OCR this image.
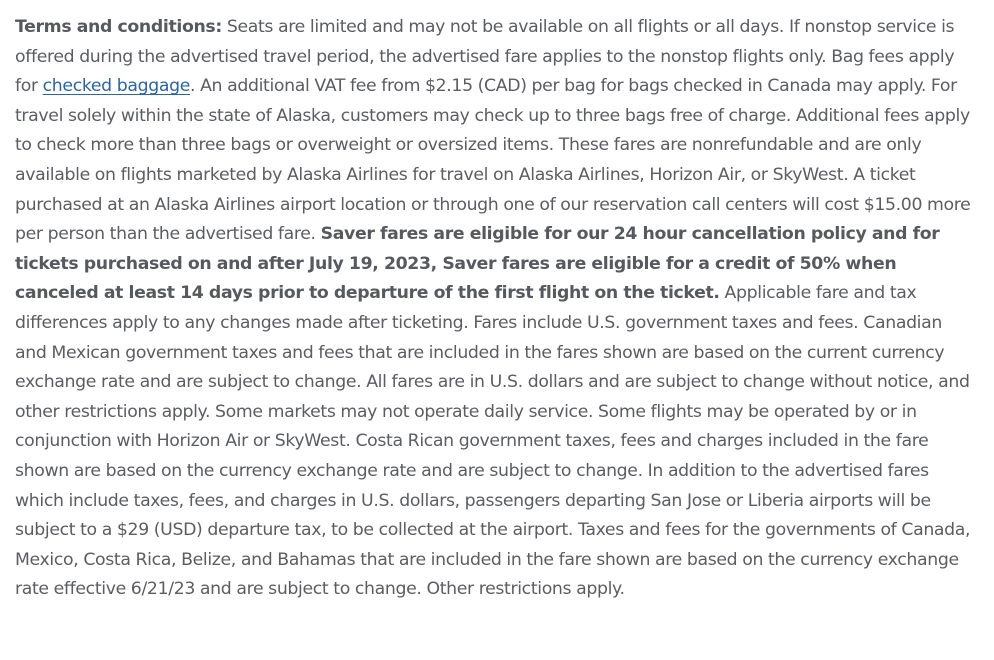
Terms and conditions: Seats are limited and may not be available on all flights or all days. If nonstop service is offered during the advertised travel period, the advertised fare applies to the nonstop flights only. Bag fees apply for checked baggage. An additional VAT fee from $2.15 (CAD) per bag for bags checked in Canada may apply. For travel solely within the state of Alaska, customers may check up to three bags free of charge. Additional fees apply to check more than three bags or overweight or oversized items. These fares are nonrefundable and are only available on flights marketed by Alaska Airlines for travel on Alaska Airlines, Horizon Air, or SkyWest. A ticket purchased at an Alaska Airlines airport location or through one of our reservation call centers will cost $15.00 more per person than the advertised fare. Saver fares are eligible for our 24 hour cancellation policy and for tickets purchased on and after July 19, 2023, Saver fares are eligible for a credit of 50% when canceled at least 14 days prior to departure of the first flight on the ticket. Applicable fare and tax differences apply to any changes made after ticketing. Fares include U.S. government taxes and fees. Canadian and Mexican government taxes and fees that are included in the fares shown are based on the current currency exchange rate and are subject to change. All fares are in U.S. dollars and are subject to change without notice, and other restrictions apply. Some markets may not operate daily service. Some flights may be operated by or in conjunction with Horizon Air or SkyWest. Costa Rican government taxes, fees and charges included in the fare shown are based on the currency exchange rate and are subject to change. In addition to the advertised fares which include taxes, fees, and charges in U.S. dollars, passengers departing San Jose or Liberia airports will be subject to a $29 (USD) departure tax, to be collected at the airport. Taxes and fees for the governments of Canada, Mexico, Costa Rica, Belize, and Bahamas that are included in the fare shown are based on the currency exchange rate effective 6/21/23 and are subject to change. Other restrictions apply.
